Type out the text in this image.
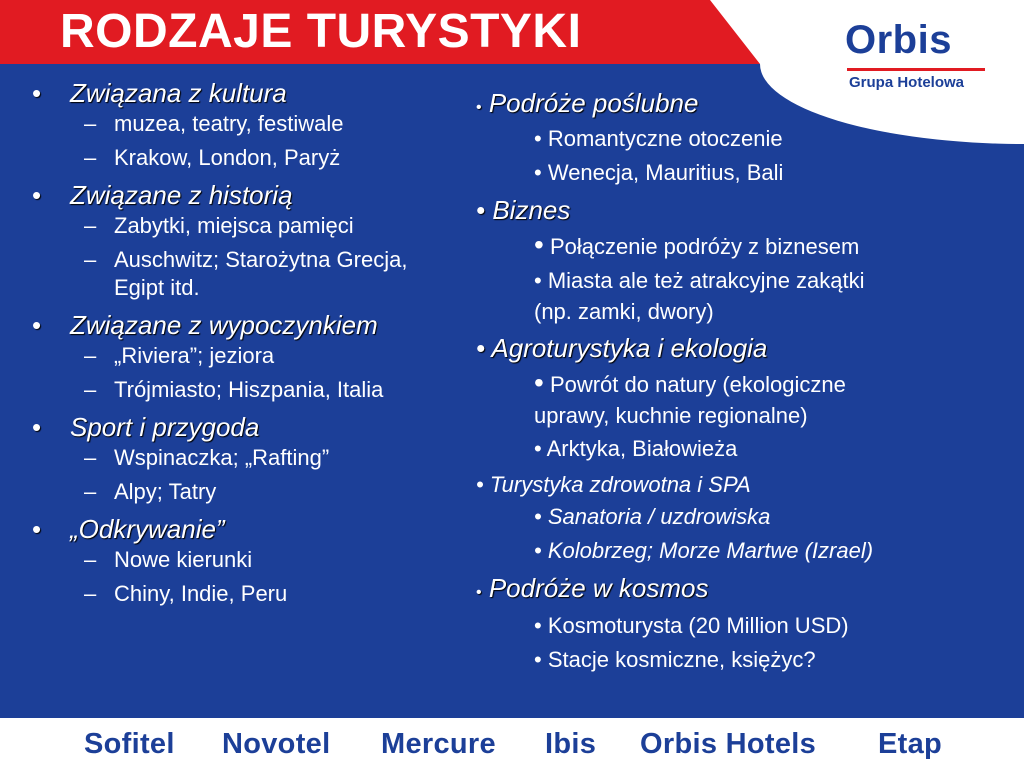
RODZAJE TURYSTYKI	Orbis
Grupa Hotelowa
• Związana z kultura
– muzea, teatry, festiwale
– Krakow, London, Paryż
• Związane z historią
– Zabytki, miejsca pamięci
– Auschwitz; Starożytna Grecja, Egipt itd.
• Związane z wypoczynkiem
– „Riviera”; jeziora
– Trójmiasto; Hiszpania, Italia
• Sport i przygoda
– Wspinaczka; „Rafting”
– Alpy; Tatry
• „Odkrywanie”
– Nowe kierunki
– Chiny, Indie, Peru
• Podróże poślubne
• Romantyczne otoczenie
• Wenecja, Mauritius, Bali
• Biznes
• Połączenie podróży z biznesem
• Miasta ale też atrakcyjne zakątki
(np. zamki, dwory)
• Agroturystyka i ekologia
• Powrót do natury (ekologiczne
uprawy, kuchnie regionalne)
• Arktyka, Białowieża
• Turystyka zdrowotna i SPA
• Sanatoria / uzdrowiska
• Kolobrzeg; Morze Martwe (Izrael)
• Podróże w kosmos
• Kosmoturysta (20 Million USD)
• Stacje kosmiczne, księżyc?
Sofitel Novotel Mercure Ibis Orbis Hotels Etap
